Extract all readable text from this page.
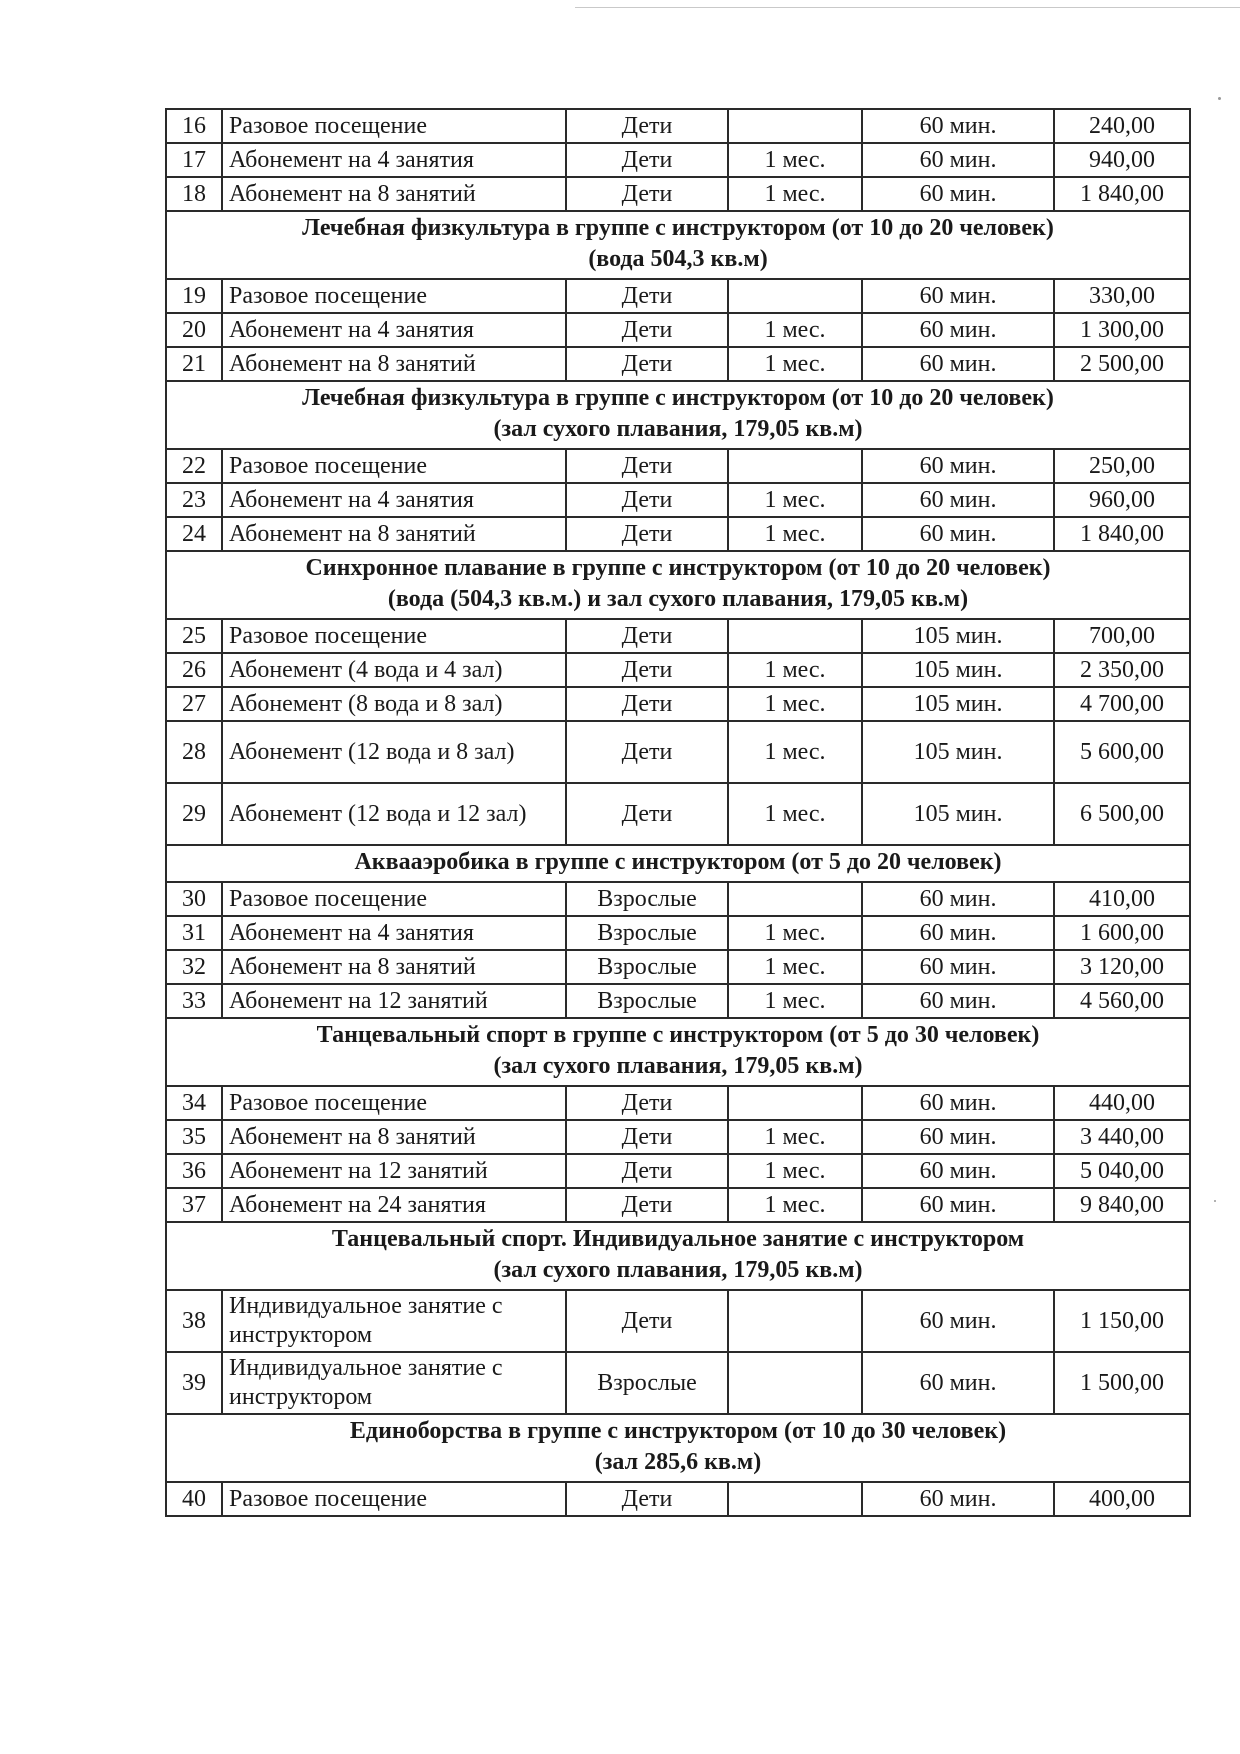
16	Разовое посещение	Дети		60 мин.	240,00
17	Абонемент на 4 занятия	Дети	1 мес.	60 мин.	940,00
18	Абонемент на 8 занятий	Дети	1 мес.	60 мин.	1 840,00

Лечебная физкультура в группе с инструктором (от 10 до 20 человек)
(вода 504,3 кв.м)					

19	Разовое посещение	Дети		60 мин.	330,00
20	Абонемент на 4 занятия	Дети	1 мес.	60 мин.	1 300,00
21	Абонемент на 8 занятий	Дети	1 мес.	60 мин.	2 500,00

Лечебная физкультура в группе с инструктором (от 10 до 20 человек)
(зал сухого плавания, 179,05 кв.м)					

22	Разовое посещение	Дети		60 мин.	250,00
23	Абонемент на 4 занятия	Дети	1 мес.	60 мин.	960,00
24	Абонемент на 8 занятий	Дети	1 мес.	60 мин.	1 840,00

Синхронное плавание в группе с инструктором (от 10 до 20 человек)
(вода (504,3 кв.м.) и зал сухого плавания, 179,05 кв.м)					

25	Разовое посещение	Дети		105 мин.	700,00
26	Абонемент (4 вода и 4 зал)	Дети	1 мес.	105 мин.	2 350,00
27	Абонемент (8 вода и 8 зал)	Дети	1 мес.	105 мин.	4 700,00
28	Абонемент (12 вода и 8 зал)	Дети	1 мес.	105 мин.	5 600,00
29	Абонемент (12 вода и 12 зал)	Дети	1 мес.	105 мин.	6 500,00

Аквааэробика в группе с инструктором (от 5 до 20 человек)					

30	Разовое посещение	Взрослые		60 мин.	410,00
31	Абонемент на 4 занятия	Взрослые	1 мес.	60 мин.	1 600,00
32	Абонемент на 8 занятий	Взрослые	1 мес.	60 мин.	3 120,00
33	Абонемент на 12 занятий	Взрослые	1 мес.	60 мин.	4 560,00

Танцевальный спорт в группе с инструктором (от 5 до 30 человек)
(зал сухого плавания, 179,05 кв.м)					

34	Разовое посещение	Дети		60 мин.	440,00
35	Абонемент на 8 занятий	Дети	1 мес.	60 мин.	3 440,00
36	Абонемент на 12 занятий	Дети	1 мес.	60 мин.	5 040,00
37	Абонемент на 24 занятия	Дети	1 мес.	60 мин.	9 840,00

Танцевальный спорт. Индивидуальное занятие с инструктором
(зал сухого плавания, 179,05 кв.м)					

38	Индивидуальное занятие с инструктором	Дети		60 мин.	1 150,00
39	Индивидуальное занятие с инструктором	Взрослые		60 мин.	1 500,00

Единоборства в группе с инструктором (от 10 до 30 человек)
(зал 285,6 кв.м)					

40	Разовое посещение	Дети		60 мин.	400,00
